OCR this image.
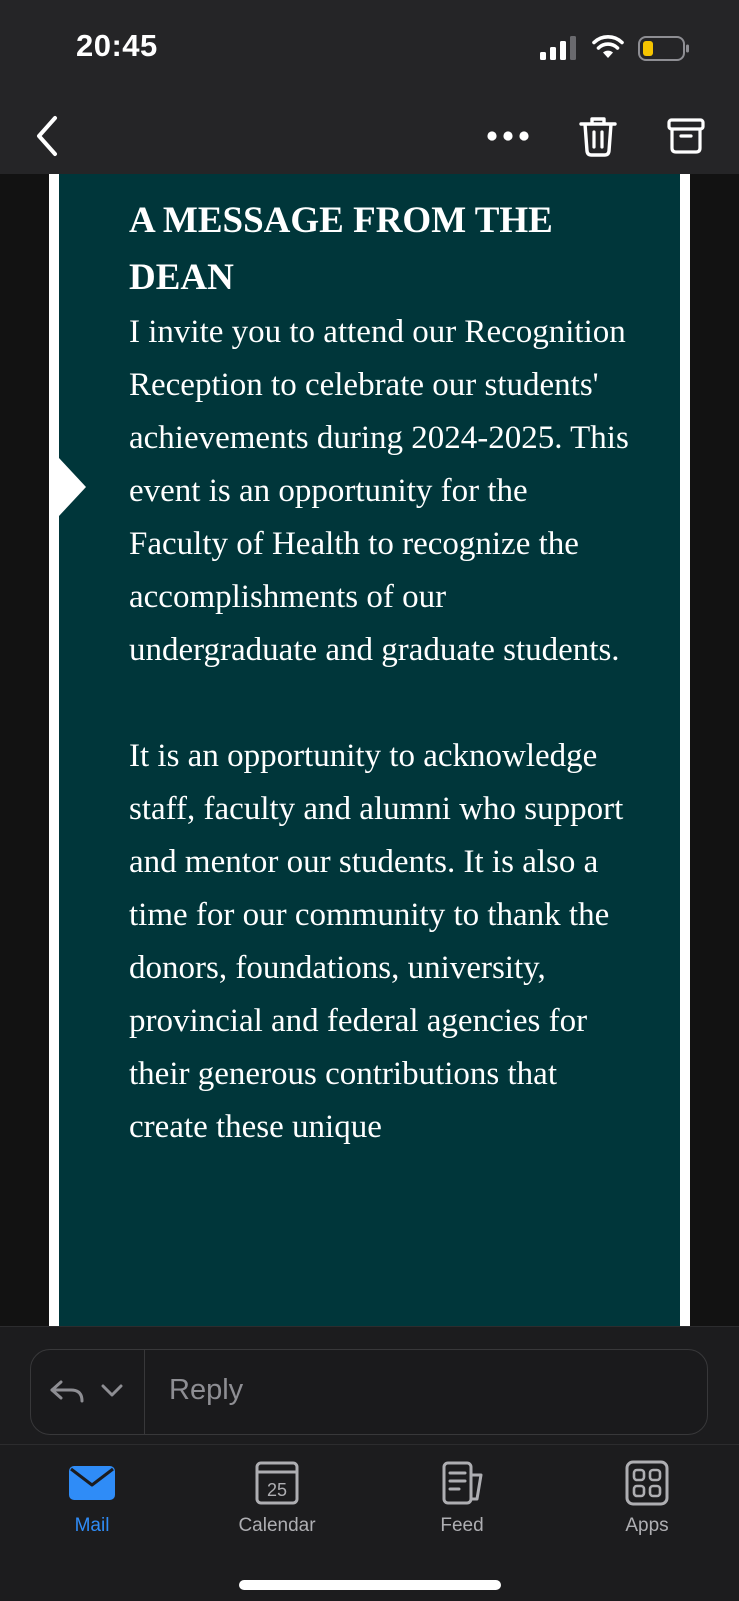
20:45
A MESSAGE FROM THE DEAN

I invite you to attend our Recognition Reception to celebrate our students' achievements during 2024-2025. This event is an opportunity for the Faculty of Health to recognize the accomplishments of our undergraduate and graduate students.

It is an opportunity to acknowledge staff, faculty and alumni who support and mentor our students. It is also a time for our community to thank the donors, foundations, university, provincial and federal agencies for their generous contributions that create these unique

Reply
Mail
25
Calendar	Feed	Apps
